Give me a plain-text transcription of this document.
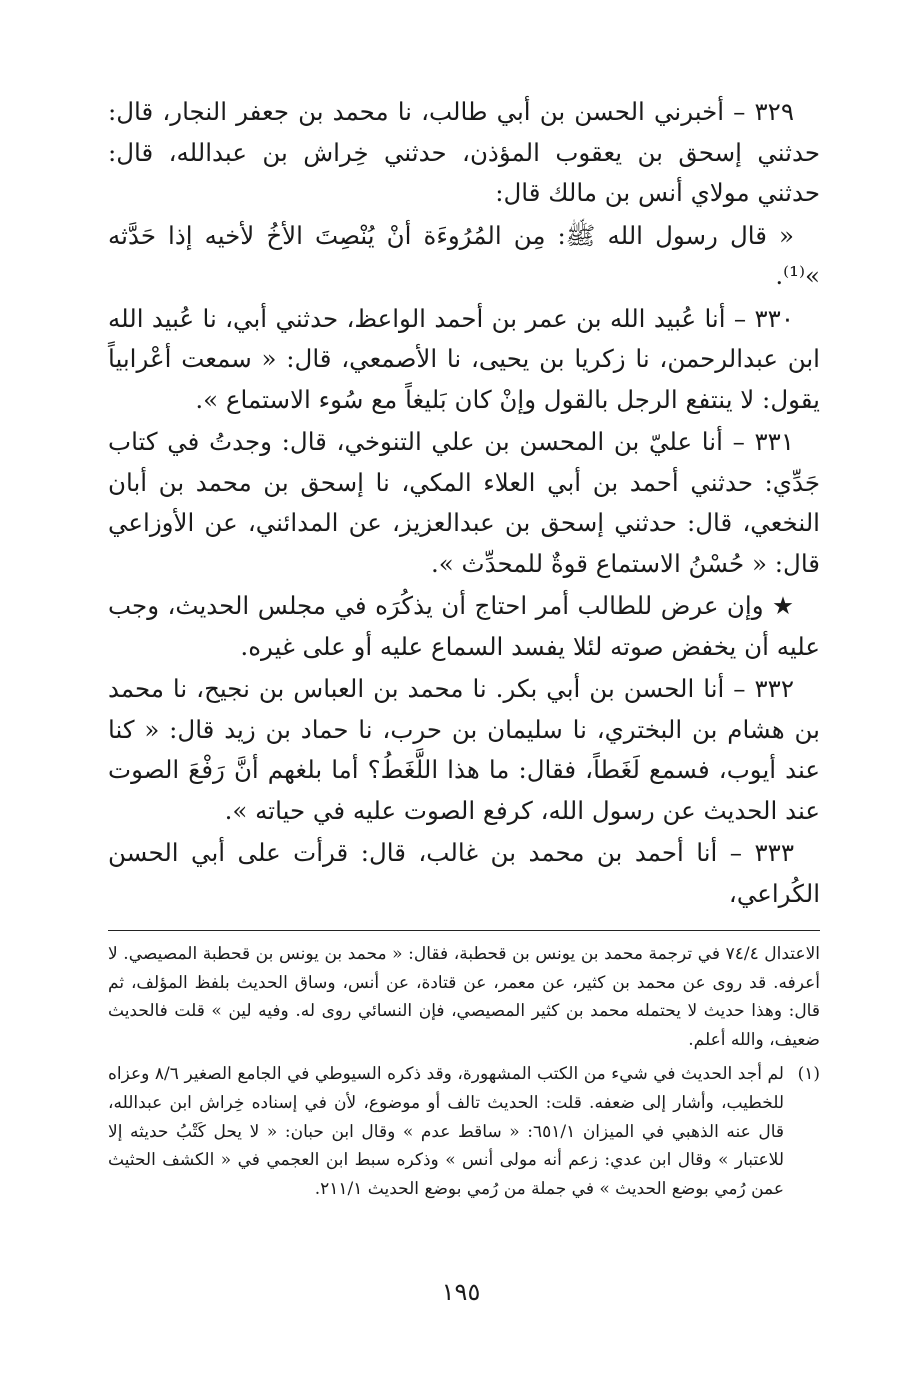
٣٢٩ – أخبرني الحسن بن أبي طالب، نا محمد بن جعفر النجار، قال: حدثني إسحق بن يعقوب المؤذن، حدثني خِراش بن عبدالله، قال: حدثني مولاي أنس بن مالك قال:

« قال رسول الله ﷺ: مِن المُرُوءَة أنْ يُنْصِتَ الأخُ لأخيه إذا حَدَّثه »⁽¹⁾.

٣٣٠ – أنا عُبيد الله بن عمر بن أحمد الواعظ، حدثني أبي، نا عُبيد الله ابن عبدالرحمن، نا زكريا بن يحيى، نا الأصمعي، قال: « سمعت أعْرابياً يقول: لا ينتفع الرجل بالقول وإنْ كان بَليغاً مع سُوء الاستماع ».

٣٣١ – أنا عليّ بن المحسن بن علي التنوخي، قال: وجدتُ في كتاب جَدِّي: حدثني أحمد بن أبي العلاء المكي، نا إسحق بن محمد بن أبان النخعي، قال: حدثني إسحق بن عبدالعزيز، عن المدائني، عن الأوزاعي قال: « حُسْنُ الاستماع قوةٌ للمحدِّث ».

★ وإن عرض للطالب أمر احتاج أن يذكُرَه في مجلس الحديث، وجب عليه أن يخفض صوته لئلا يفسد السماع عليه أو على غيره.

٣٣٢ – أنا الحسن بن أبي بكر. نا محمد بن العباس بن نجيح، نا محمد بن هشام بن البختري، نا سليمان بن حرب، نا حماد بن زيد قال: « كنا عند أيوب، فسمع لَغَطاً، فقال: ما هذا اللَّغَطُ؟ أما بلغهم أنَّ رَفْعَ الصوت عند الحديث عن رسول الله، كرفع الصوت عليه في حياته ».

٣٣٣ – أنا أحمد بن محمد بن غالب، قال: قرأت على أبي الحسن الكُراعي،

الاعتدال ٧٤/٤ في ترجمة محمد بن يونس بن قحطبة، فقال: « محمد بن يونس بن قحطبة المصيصي. لا أعرفه. قد روى عن محمد بن كثير، عن معمر، عن قتادة، عن أنس، وساق الحديث بلفظ المؤلف، ثم قال: وهذا حديث لا يحتمله محمد بن كثير المصيصي، فإن النسائي روى له. وفيه لين » قلت فالحديث ضعيف، والله أعلم.

(١)

لم أجد الحديث في شيء من الكتب المشهورة، وقد ذكره السيوطي في الجامع الصغير ٨/٦ وعزاه للخطيب، وأشار إلى ضعفه. قلت: الحديث تالف أو موضوع، لأن في إسناده خِراش ابن عبدالله، قال عنه الذهبي في الميزان ٦٥١/١: « ساقط عدم » وقال ابن حبان: « لا يحل كَتْبُ حديثه إلا للاعتبار » وقال ابن عدي: زعم أنه مولى أنس » وذكره سبط ابن العجمي في « الكشف الحثيث عمن رُمي بوضع الحديث » في جملة من رُمي بوضع الحديث ٢١١/١.

١٩٥
